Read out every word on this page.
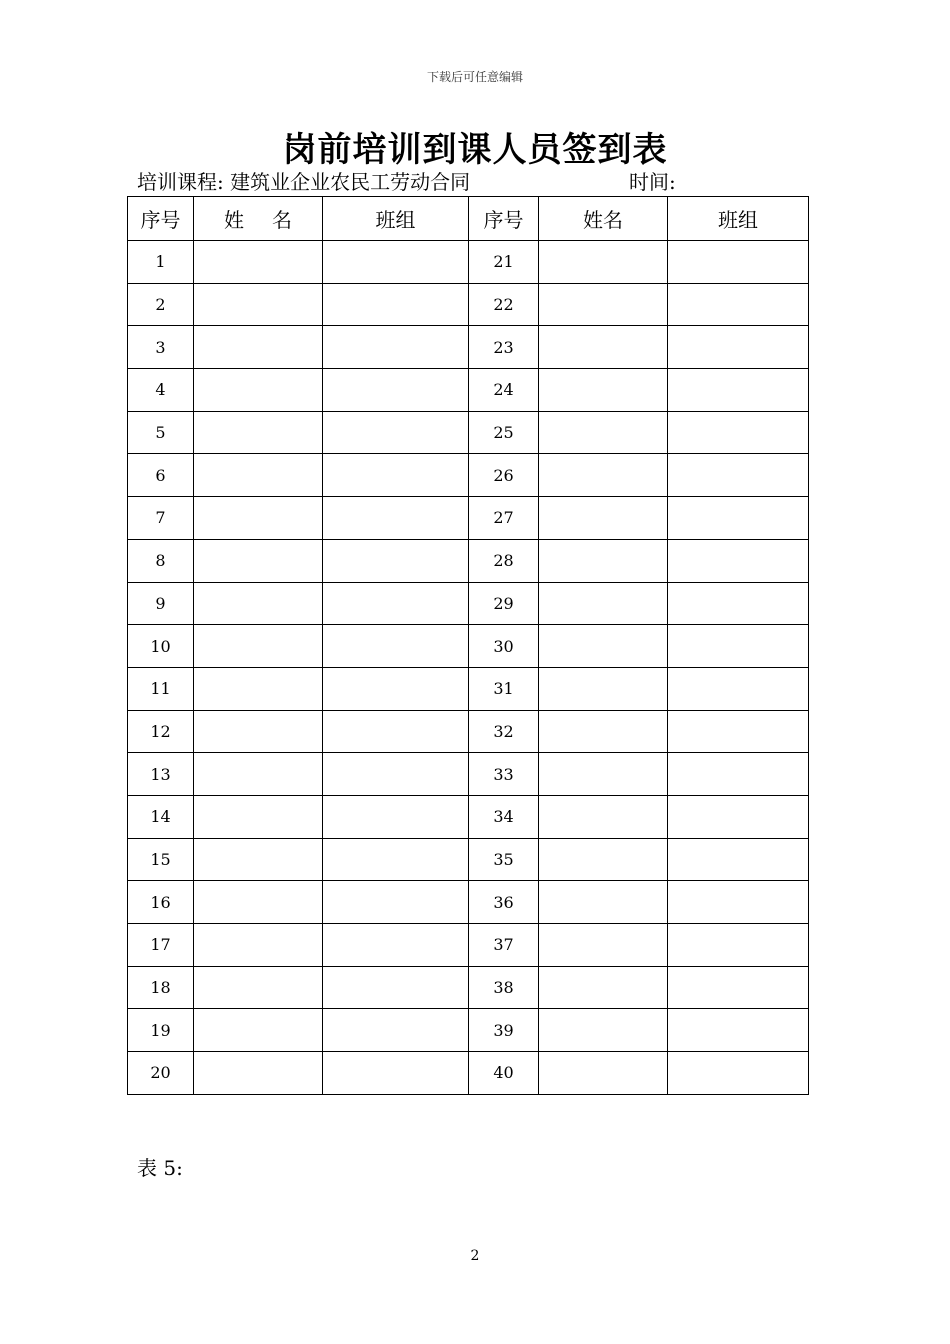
下载后可任意编辑
岗前培训到课人员签到表
培训课程: 建筑业企业农民工劳动合同	时间:
序号	姓 名	班组	序号	姓名	班组
1			21		
2			22		
3			23		
4			24		
5			25		
6			26		
7			27		
8			28		
9			29		
10			30		
11			31		
12			32		
13			33		
14			34		
15			35		
16			36		
17			37		
18			38		
19			39		
20			40		
表 5:
2
